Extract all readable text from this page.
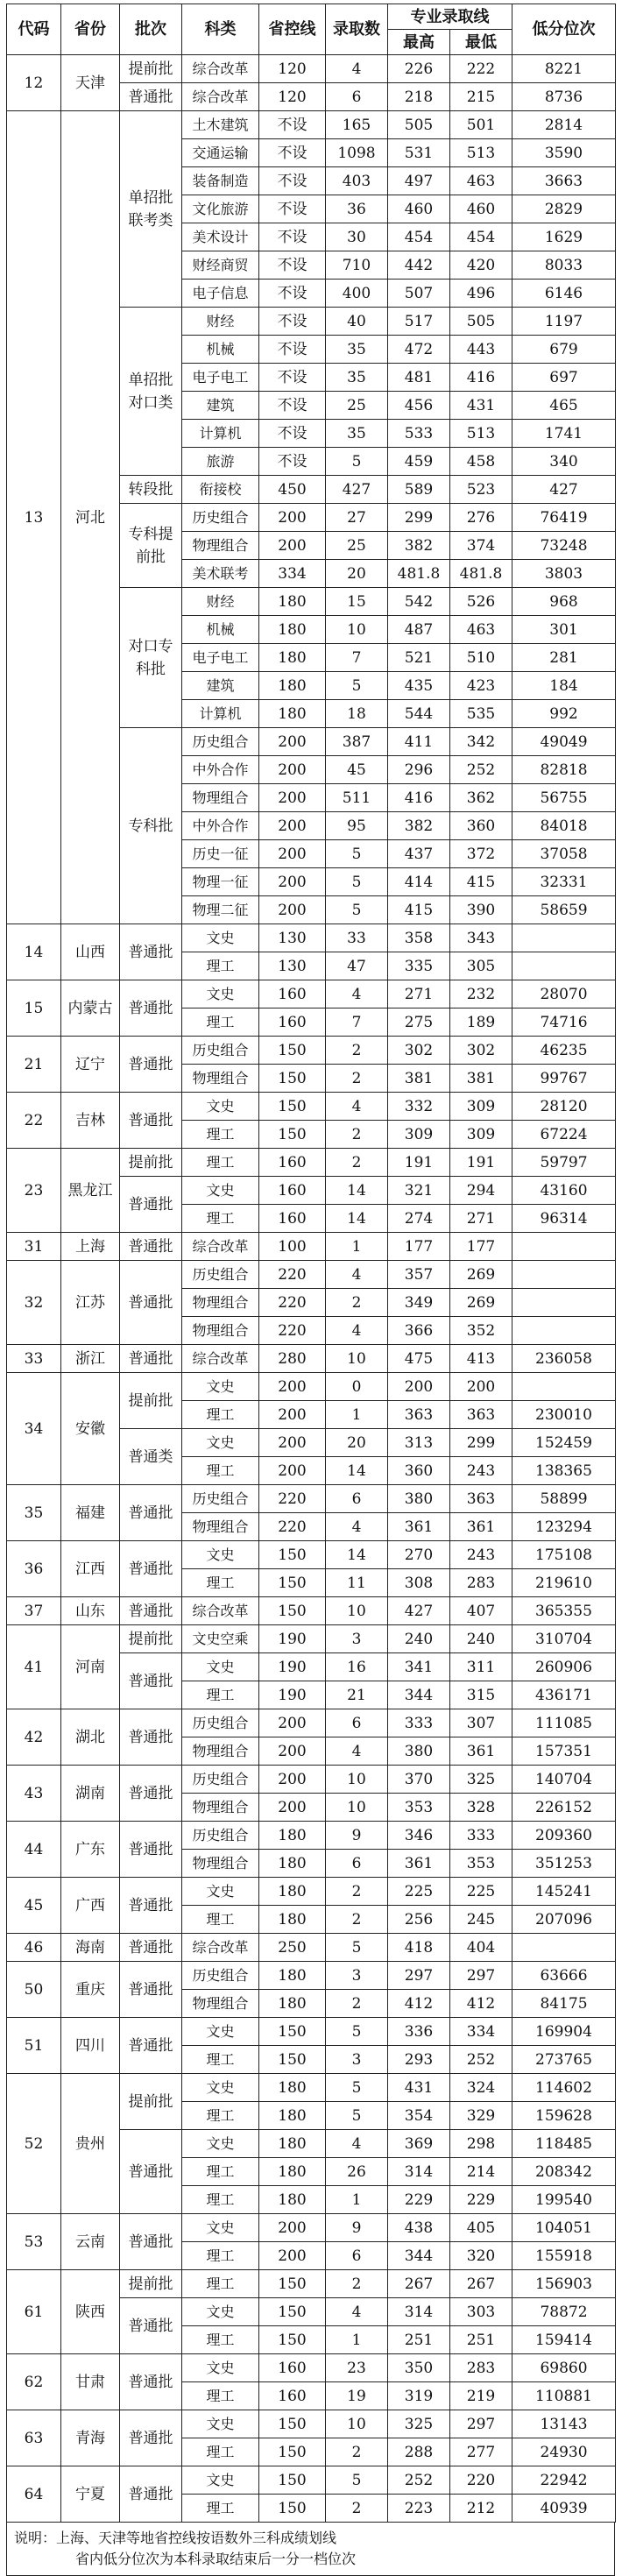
代码	省份	批次	科类	省控线	录取数	专业录取线		低分位次
						最高	最低	
12	天津	提前批	综合改革	120	4	226	222	8221
		普通批	综合改革	120	6	218	215	8736
13	河北	单招批联考类	土木建筑	不设	165	505	501	2814
			交通运输	不设	1098	531	513	3590
			装备制造	不设	403	497	463	3663
			文化旅游	不设	36	460	460	2829
			美术设计	不设	30	454	454	1629
			财经商贸	不设	710	442	420	8033
			电子信息	不设	400	507	496	6146
		单招批对口类	财经	不设	40	517	505	1197
			机械	不设	35	472	443	679
			电子电工	不设	35	481	416	697
			建筑	不设	25	456	431	465
			计算机	不设	35	533	513	1741
			旅游	不设	5	459	458	340
		转段批	衔接校	450	427	589	523	427
		专科提前批	历史组合	200	27	299	276	76419
			物理组合	200	25	382	374	73248
			美术联考	334	20	481.8	481.8	3803
		对口专科批	财经	180	15	542	526	968
			机械	180	10	487	463	301
			电子电工	180	7	521	510	281
			建筑	180	5	435	423	184
			计算机	180	18	544	535	992
		专科批	历史组合	200	387	411	342	49049
			中外合作	200	45	296	252	82818
			物理组合	200	511	416	362	56755
			中外合作	200	95	382	360	84018
			历史一征	200	5	437	372	37058
			物理一征	200	5	414	415	32331
			物理二征	200	5	415	390	58659
14	山西	普通批	文史	130	33	358	343	
			理工	130	47	335	305	
15	内蒙古	普通批	文史	160	4	271	232	28070
			理工	160	7	275	189	74716
21	辽宁	普通批	历史组合	150	2	302	302	46235
			物理组合	150	2	381	381	99767
22	吉林	普通批	文史	150	4	332	309	28120
			理工	150	2	309	309	67224
23	黑龙江	提前批	理工	160	2	191	191	59797
		普通批	文史	160	14	321	294	43160
			理工	160	14	274	271	96314
31	上海	普通批	综合改革	100	1	177	177	
32	江苏	普通批	历史组合	220	4	357	269	
			物理组合	220	2	349	269	
			物理组合	220	4	366	352	
33	浙江	普通批	综合改革	280	10	475	413	236058
34	安徽	提前批	文史	200	0	200	200	
			理工	200	1	363	363	230010
		普通类	文史	200	20	313	299	152459
			理工	200	14	360	243	138365
35	福建	普通批	历史组合	220	6	380	363	58899
			物理组合	220	4	361	361	123294
36	江西	普通批	文史	150	14	270	243	175108
			理工	150	11	308	283	219610
37	山东	普通批	综合改革	150	10	427	407	365355
41	河南	提前批	文史空乘	190	3	240	240	310704
		普通批	文史	190	16	341	311	260906
			理工	190	21	344	315	436171
42	湖北	普通批	历史组合	200	6	333	307	111085
			物理组合	200	4	380	361	157351
43	湖南	普通批	历史组合	200	10	370	325	140704
			物理组合	200	10	353	328	226152
44	广东	普通批	历史组合	180	9	346	333	209360
			物理组合	180	6	361	353	351253
45	广西	普通批	文史	180	2	225	225	145241
			理工	180	2	256	245	207096
46	海南	普通批	综合改革	250	5	418	404	
50	重庆	普通批	历史组合	180	3	297	297	63666
			物理组合	180	2	412	412	84175
51	四川	普通批	文史	150	5	336	334	169904
			理工	150	3	293	252	273765
52	贵州	提前批	文史	180	5	431	324	114602
			理工	180	5	354	329	159628
		普通批	文史	180	4	369	298	118485
			理工	180	26	314	214	208342
			理工	180	1	229	229	199540
53	云南	普通批	文史	200	9	438	405	104051
			理工	200	6	344	320	155918
61	陕西	提前批	理工	150	2	267	267	156903
		普通批	文史	150	4	314	303	78872
			理工	150	1	251	251	159414
62	甘肃	普通批	文史	160	23	350	283	69860
			理工	160	19	319	219	110881
63	青海	普通批	文史	150	10	325	297	13143
			理工	150	2	288	277	24930
64	宁夏	普通批	文史	150	5	252	220	22942
			理工	150	2	223	212	40939
说明：上海、天津等地省控线按语数外三科成绩划线
省内低分位次为本科录取结束后一分一档位次
